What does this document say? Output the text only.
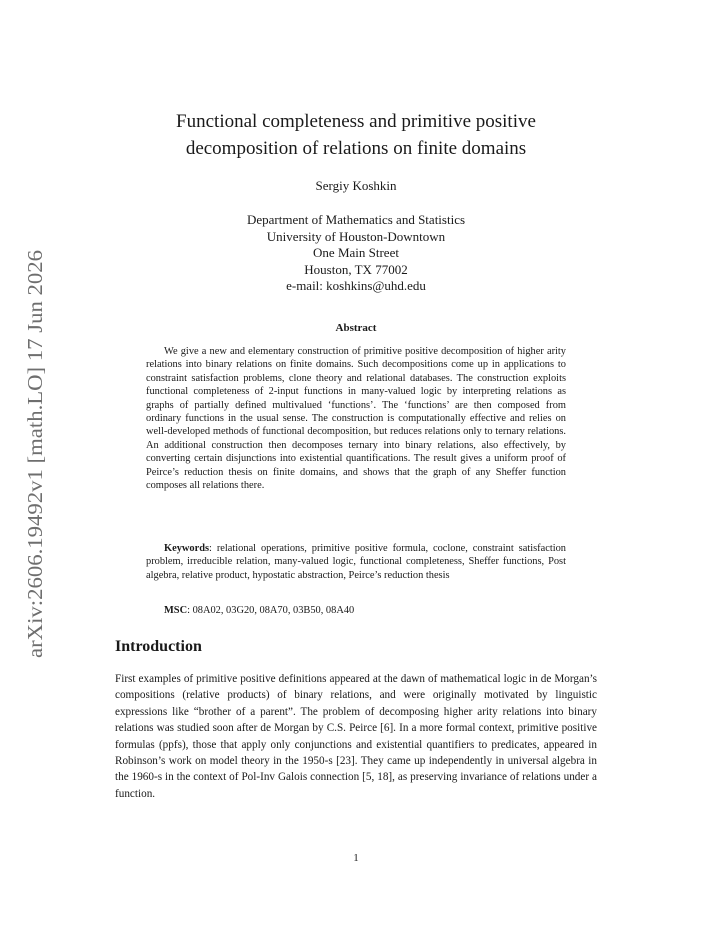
arXiv:2606.19492v1 [math.LO] 17 Jun 2026
Functional completeness and primitive positive
decomposition of relations on finite domains
Sergiy Koshkin
Department of Mathematics and Statistics
University of Houston-Downtown
One Main Street
Houston, TX 77002
e-mail: koshkins@uhd.edu
Abstract
We give a new and elementary construction of primitive positive decomposition of higher arity relations into binary relations on finite domains. Such decompositions come up in applications to constraint satisfaction problems, clone theory and relational databases. The construction exploits functional completeness of 2-input functions in many-valued logic by interpreting relations as graphs of partially defined multivalued ‘functions’. The ‘functions’ are then composed from ordinary functions in the usual sense. The construction is computationally effective and relies on well-developed methods of functional decomposition, but reduces relations only to ternary relations. An additional construction then decomposes ternary into binary relations, also effectively, by converting certain disjunctions into existential quantifications. The result gives a uniform proof of Peirce’s reduction thesis on finite domains, and shows that the graph of any Sheffer function composes all relations there.
Keywords: relational operations, primitive positive formula, coclone, constraint satisfaction problem, irreducible relation, many-valued logic, functional completeness, Sheffer functions, Post algebra, relative product, hypostatic abstraction, Peirce’s reduction thesis
MSC: 08A02, 03G20, 08A70, 03B50, 08A40
Introduction
First examples of primitive positive definitions appeared at the dawn of mathematical logic in de Morgan’s compositions (relative products) of binary relations, and were originally motivated by linguistic expressions like “brother of a parent”. The problem of decomposing higher arity relations into binary relations was studied soon after de Morgan by C.S. Peirce [6]. In a more formal context, primitive positive formulas (ppfs), those that apply only conjunctions and existential quantifiers to predicates, appeared in Robinson’s work on model theory in the 1950-s [23]. They came up independently in universal algebra in the 1960-s in the context of Pol-Inv Galois connection [5, 18], as preserving invariance of relations under a function.
1
